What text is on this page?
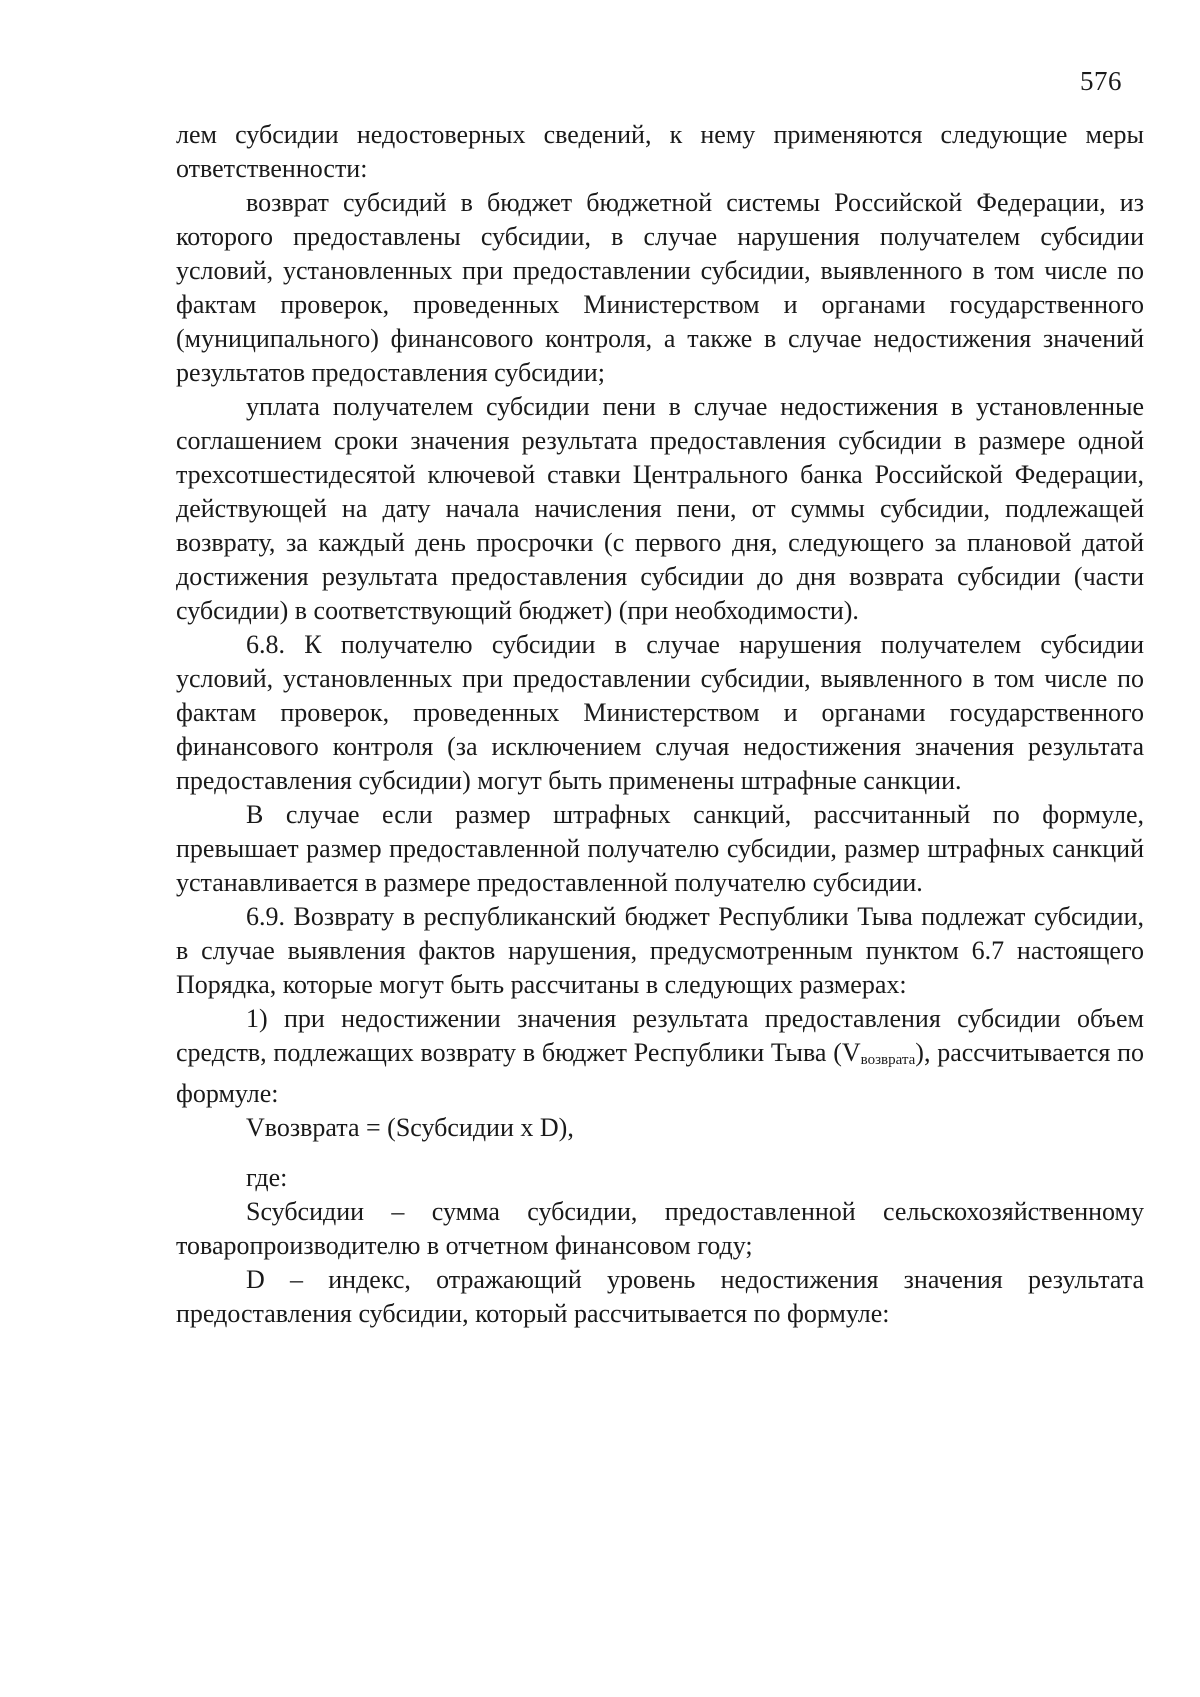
576

лем субсидии недостоверных сведений, к нему применяются следующие меры ответственности:

возврат субсидий в бюджет бюджетной системы Российской Федерации, из которого предоставлены субсидии, в случае нарушения получателем субсидии условий, установленных при предоставлении субсидии, выявленного в том числе по фактам проверок, проведенных Министерством и органами государственного (муниципального) финансового контроля, а также в случае недостижения значений результатов предоставления субсидии;

уплата получателем субсидии пени в случае недостижения в установленные соглашением сроки значения результата предоставления субсидии в размере одной трехсотшестидесятой ключевой ставки Центрального банка Российской Федерации, действующей на дату начала начисления пени, от суммы субсидии, подлежащей возврату, за каждый день просрочки (с первого дня, следующего за плановой датой достижения результата предоставления субсидии до дня возврата субсидии (части субсидии) в соответствующий бюджет) (при необходимости).

6.8. К получателю субсидии в случае нарушения получателем субсидии условий, установленных при предоставлении субсидии, выявленного в том числе по фактам проверок, проведенных Министерством и органами государственного финансового контроля (за исключением случая недостижения значения результата предоставления субсидии) могут быть применены штрафные санкции.

В случае если размер штрафных санкций, рассчитанный по формуле, превышает размер предоставленной получателю субсидии, размер штрафных санкций устанавливается в размере предоставленной получателю субсидии.

6.9. Возврату в республиканский бюджет Республики Тыва подлежат субсидии, в случае выявления фактов нарушения, предусмотренным пунктом 6.7 настоящего Порядка, которые могут быть рассчитаны в следующих размерах:

1) при недостижении значения результата предоставления субсидии объем средств, подлежащих возврату в бюджет Республики Тыва $(V_{возврата})$, рассчитывается по формуле:

Vвозврата = (Sсубсидии x D),

где:

Sсубсидии – сумма субсидии, предоставленной сельскохозяйственному товаропроизводителю в отчетном финансовом году;

D – индекс, отражающий уровень недостижения значения результата предоставления субсидии, который рассчитывается по формуле:
